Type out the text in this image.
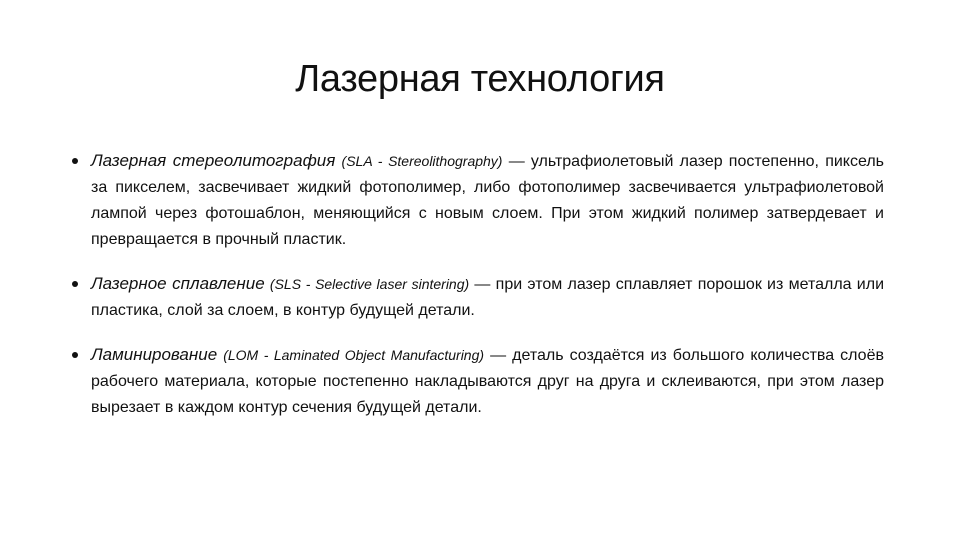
Лазерная технология
Лазерная стереолитография (SLA - Stereolithography) — ультрафиолетовый лазер постепенно, пиксель за пикселем, засвечивает жидкий фотополимер, либо фотополимер засвечивается ультрафиолетовой лампой через фотошаблон, меняющийся с новым слоем. При этом жидкий полимер затвердевает и превращается в прочный пластик.
Лазерное сплавление (SLS - Selective laser sintering) — при этом лазер сплавляет порошок из металла или пластика, слой за слоем, в контур будущей детали.
Ламинирование (LOM - Laminated Object Manufacturing) — деталь создаётся из большого количества слоёв рабочего материала, которые постепенно накладываются друг на друга и склеиваются, при этом лазер вырезает в каждом контур сечения будущей детали.
